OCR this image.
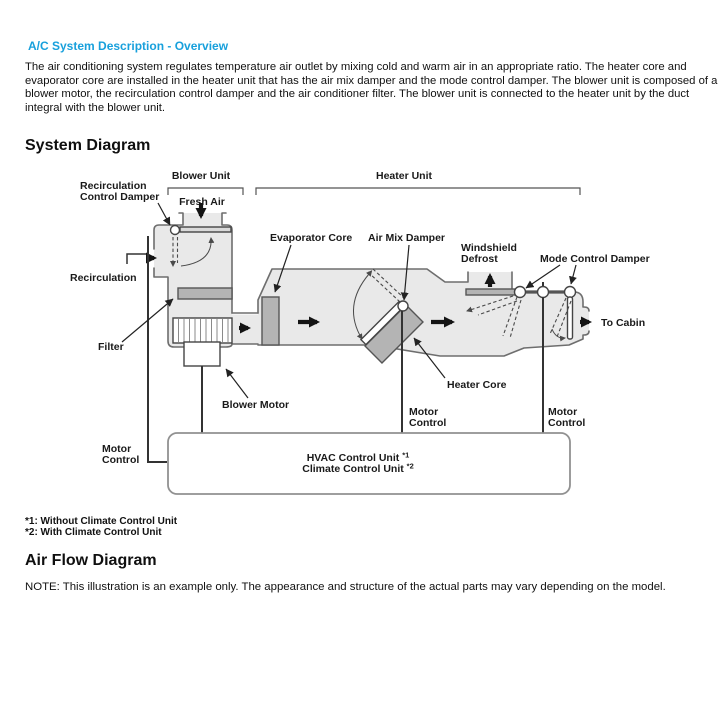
A/C System Description - Overview
The air conditioning system regulates temperature air outlet by mixing cold and warm air in an appropriate ratio. The heater core and evaporator core are installed in the heater unit that has the air mix damper and the mode control damper. The blower unit is composed of a blower motor, the recirculation control damper and the air conditioner filter. The blower unit is connected to the heater unit by the duct integral with the blower unit.
System Diagram
Blower Unit	Heater Unit
Recirculation
Control Damper Fresh Air
Recirculation
Evaporator Core Air Mix Damper
Windshield
Defrost	Mode Control Damper
To Cabin
Filter
Blower Motor
Heater Core
Motor
Control
Motor
Control
Motor
Control	HVAC Control Unit $^{*1}$
Climate Control Unit $^{*2}$
*1: Without Climate Control Unit
*2: With Climate Control Unit
Air Flow Diagram
NOTE: This illustration is an example only. The appearance and structure of the actual parts may vary depending on the model.
